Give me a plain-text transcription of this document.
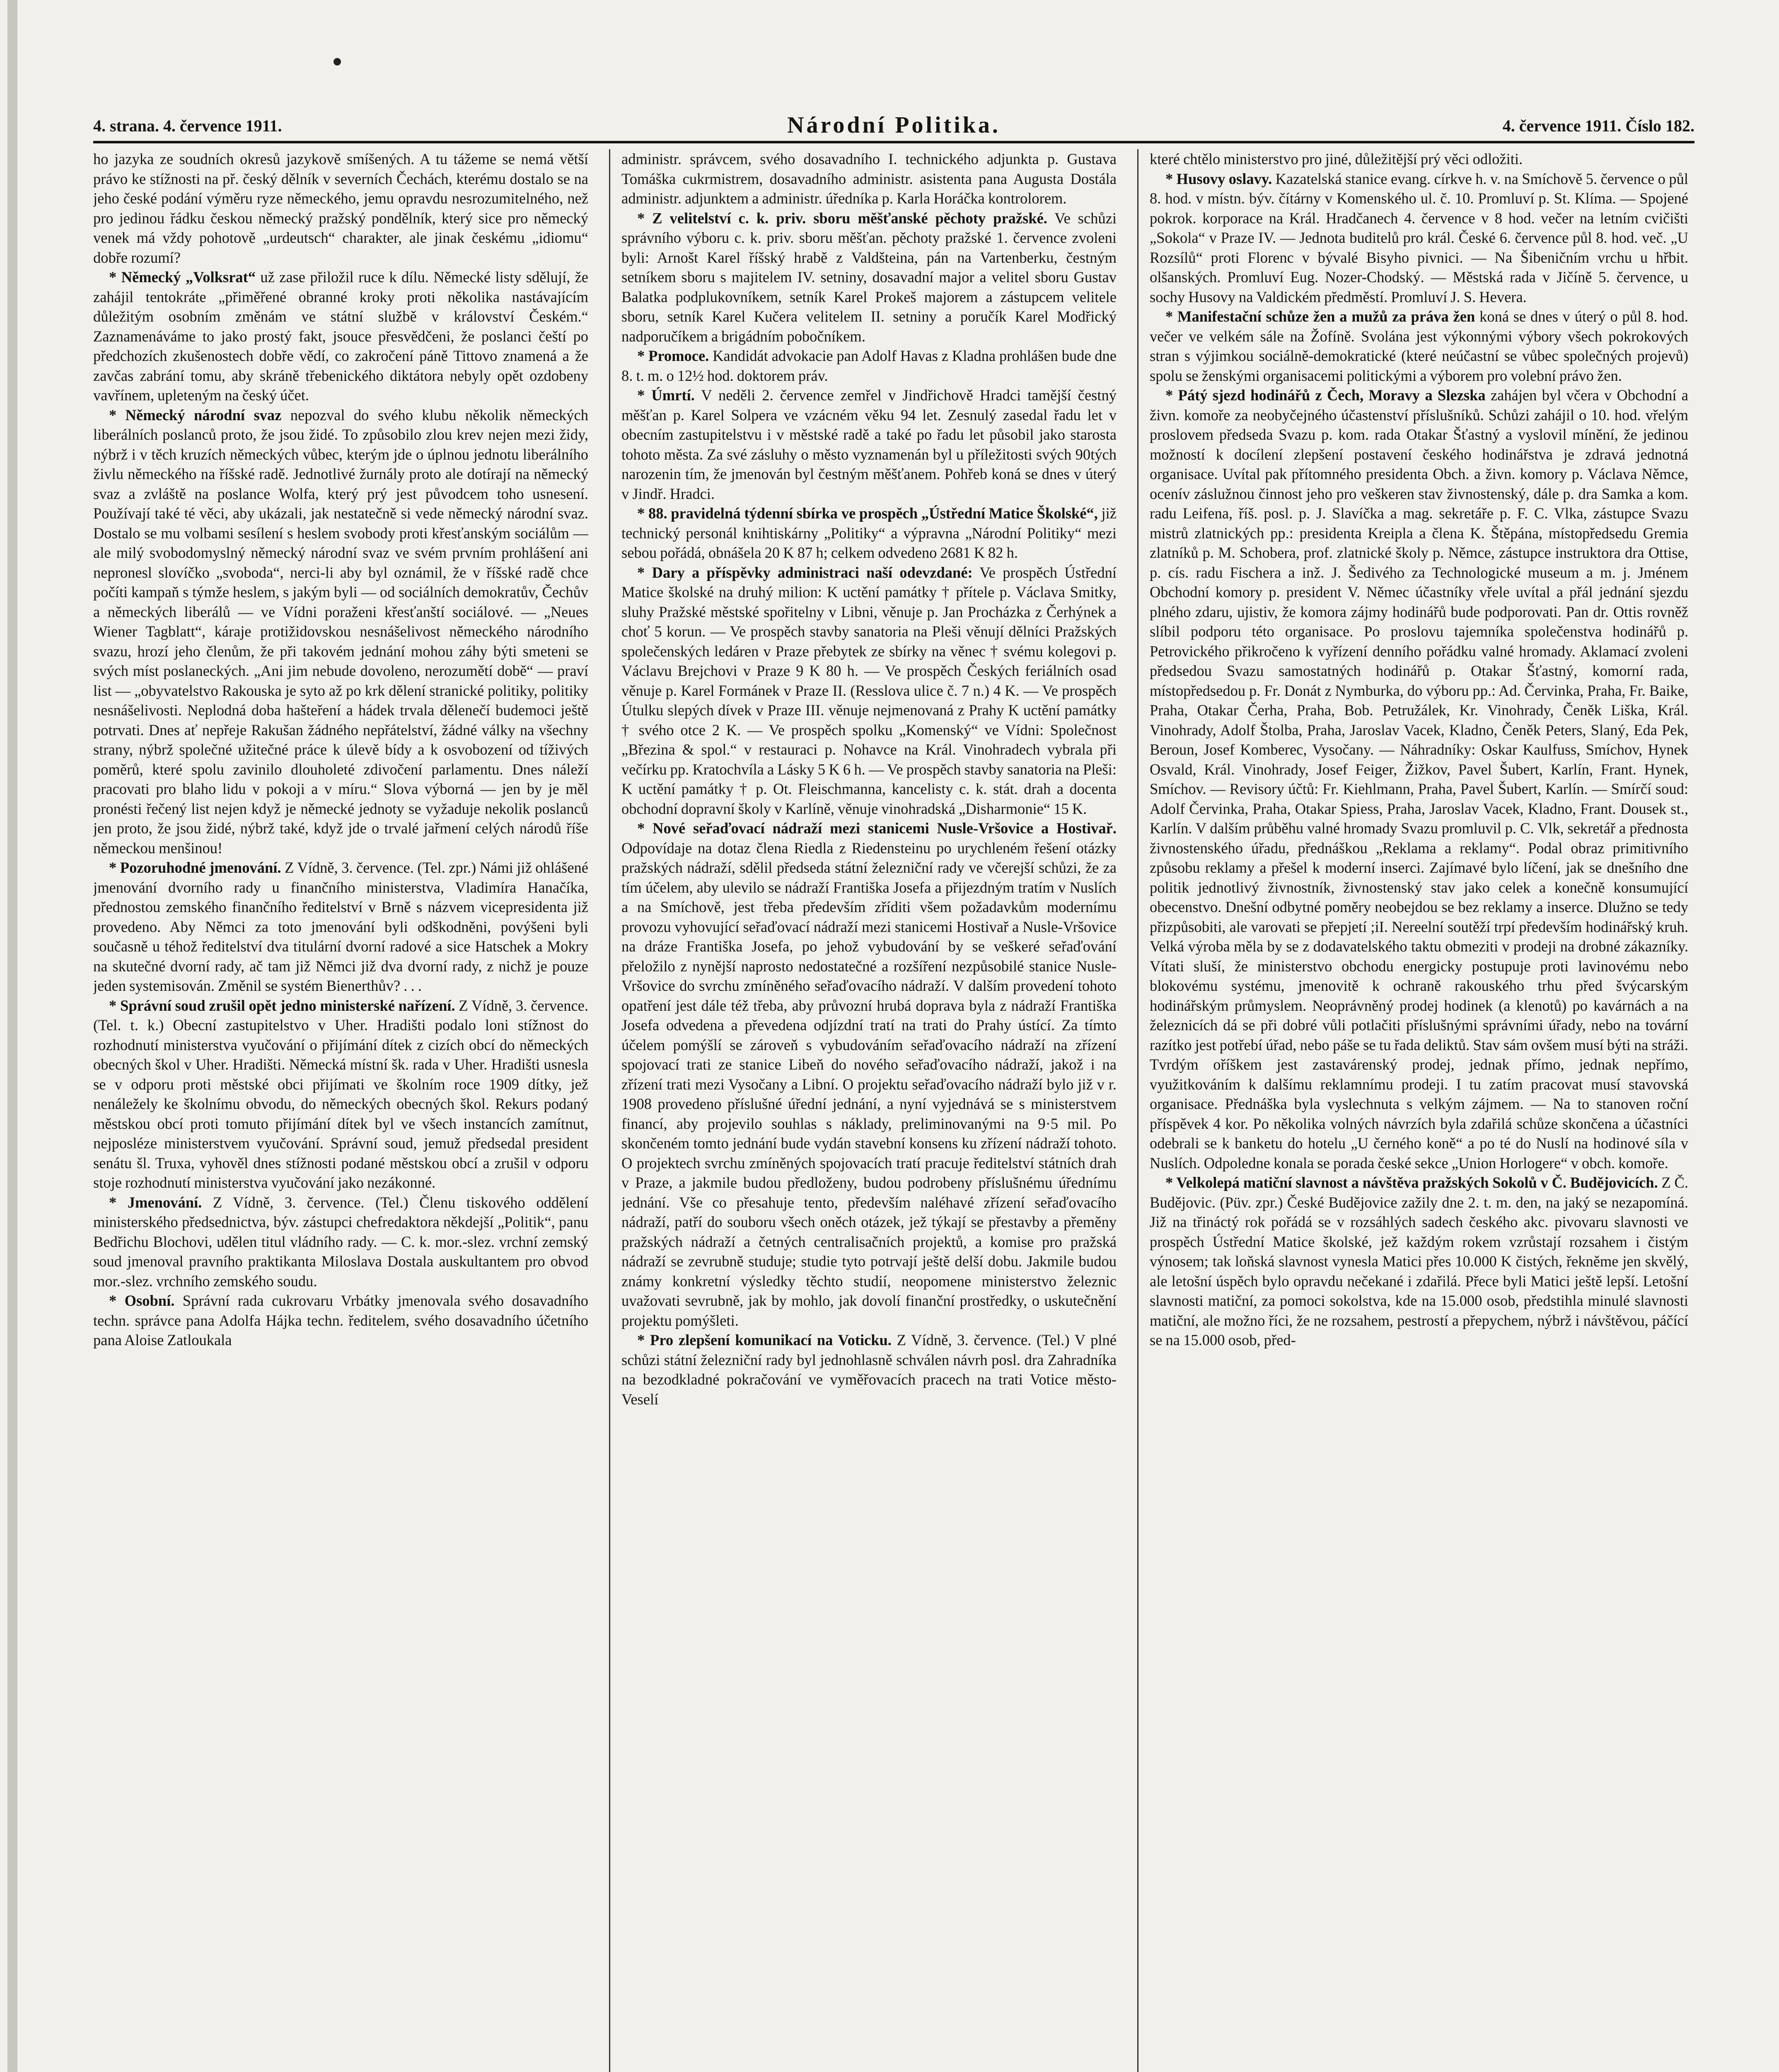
4. strana. 4. července 1911.	Národní Politika.	4. července 1911. Číslo 182.

ho jazyka ze soudních okresů jazykově smíšených. A tu tážeme se nemá větší právo ke stížnosti na př. český dělník v severních Čechách, kterému dostalo se na jeho české podání výměru ryze německého, jemu opravdu nesrozumitelného, než pro jedinou řádku českou německý pražský pondělník, který sice pro německý venek má vždy pohotově „urdeutsch“ charakter, ale jinak českému „idiomu“ dobře rozumí?

* Německý „Volksrat“ už zase přiložil ruce k dílu. Německé listy sdělují, že zahájil tentokráte „přiměřené obranné kroky proti několika nastávajícím důležitým osobním změnám ve státní službě v království Českém.“ Zaznamenáváme to jako prostý fakt, jsouce přesvědčeni, že poslanci čeští po předchozích zkušenostech dobře vědí, co zakročení páně Tittovo znamená a že zavčas zabrání tomu, aby skráně třebenického diktátora nebyly opět ozdobeny vavřínem, upleteným na český účet.

* Německý národní svaz nepozval do svého klubu několik německých liberálních poslanců proto, že jsou židé. To způsobilo zlou krev nejen mezi židy, nýbrž i v těch kruzích německých vůbec, kterým jde o úplnou jednotu liberálního živlu německého na říšské radě. Jednotlivé žurnály proto ale dotírají na německý svaz a zvláště na poslance Wolfa, který prý jest původcem toho usnesení. Používají také té věci, aby ukázali, jak nestatečně si vede německý národní svaz. Dostalo se mu volbami sesílení s heslem svobody proti křesťanským sociálům — ale milý svobodomyslný německý národní svaz ve svém prvním prohlášení ani nepronesl slovíčko „svoboda“, nerci-li aby byl oznámil, že v říšské radě chce počíti kampaň s týmže heslem, s jakým byli — od sociálních demokratův, Čechův a německých liberálů — ve Vídni poraženi křesťanští sociálové. — „Neues Wiener Tagblatt“, káraje protižidovskou nesnášelivost německého národního svazu, hrozí jeho členům, že při takovém jednání mohou záhy býti smeteni se svých míst poslaneckých. „Ani jim nebude dovoleno, nerozumětí době“ — praví list — „obyvatelstvo Rakouska je syto až po krk dělení stranické politiky, politiky nesnášelivosti. Neplodná doba hašteření a hádek trvala dělenečí budemoci ještě potrvati. Dnes ať nepřeje Rakušan žádného nepřátelství, žádné války na všechny strany, nýbrž společné užitečné práce k úlevě bídy a k osvobození od tíživých poměrů, které spolu zavinilo dlouholeté zdivočení parlamentu. Dnes náleží pracovati pro blaho lidu v pokoji a v míru.“ Slova výborná — jen by je měl pronésti řečený list nejen když je německé jednoty se vyžaduje nekolik poslanců jen proto, že jsou židé, nýbrž také, když jde o trvalé jařmení celých národů říše německou menšinou!

* Pozoruhodné jmenování. Z Vídně, 3. července. (Tel. zpr.) Námi již ohlášené jmenování dvorního rady u finančního ministerstva, Vladimíra Hanačíka, přednostou zemského finančního ředitelství v Brně s názvem vicepresidenta již provedeno. Aby Němci za toto jmenování byli odškodněni, povýšeni byli současně u téhož ředitelství dva titulární dvorní radové a sice Hatschek a Mokry na skutečné dvorní rady, ač tam již Němci již dva dvorní rady, z nichž je pouze jeden systemisován. Změnil se systém Bienerthův? . . .

* Správní soud zrušil opět jedno ministerské nařízení. Z Vídně, 3. července. (Tel. t. k.) Obecní zastupitelstvo v Uher. Hradišti podalo loni stížnost do rozhodnutí ministerstva vyučování o přijímání dítek z cizích obcí do německých obecných škol v Uher. Hradišti. Německá místní šk. rada v Uher. Hradišti usnesla se v odporu proti městské obci přijímati ve školním roce 1909 dítky, jež nenáležely ke školnímu obvodu, do německých obecných škol. Rekurs podaný městskou obcí proti tomuto přijímání dítek byl ve všech instancích zamítnut, nejposléze ministerstvem vyučování. Správní soud, jemuž předsedal president senátu šl. Truxa, vyhověl dnes stížnosti podané městskou obcí a zrušil v odporu stoje rozhodnutí ministerstva vyučování jako nezákonné.

* Jmenování. Z Vídně, 3. července. (Tel.) Členu tiskového oddělení ministerského předsednictva, býv. zástupci chefredaktora někdejší „Politik“, panu Bedřichu Blochovi, udělen titul vládního rady. — C. k. mor.-slez. vrchní zemský soud jmenoval pravního praktikanta Miloslava Dostala auskultantem pro obvod mor.-slez. vrchního zemského soudu.

* Osobní. Správní rada cukrovaru Vrbátky jmenovala svého dosavadního techn. správce pana Adolfa Hájka techn. ředitelem, svého dosavadního účetního pana Aloise Zatloukala

administr. správcem, svého dosavadního I. technického adjunkta p. Gustava Tomáška cukrmistrem, dosavadního administr. asistenta pana Augusta Dostála administr. adjunktem a administr. úředníka p. Karla Horáčka kontrolorem.

* Z velitelství c. k. priv. sboru měšťanské pěchoty pražské. Ve schůzi správního výboru c. k. priv. sboru měšťan. pěchoty pražské 1. července zvoleni byli: Arnošt Karel říšský hrabě z Valdšteina, pán na Vartenberku, čestným setníkem sboru s majitelem IV. setniny, dosavadní major a velitel sboru Gustav Balatka podplukovníkem, setník Karel Prokeš majorem a zástupcem velitele sboru, setník Karel Kučera velitelem II. setniny a poručík Karel Modřický nadporučíkem a brigádním pobočníkem.

* Promoce. Kandidát advokacie pan Adolf Havas z Kladna prohlášen bude dne 8. t. m. o 12½ hod. doktorem práv.

* Úmrtí. V neděli 2. července zemřel v Jindřichově Hradci tamější čestný měšťan p. Karel Solpera ve vzácném věku 94 let. Zesnulý zasedal řadu let v obecním zastupitelstvu i v městské radě a také po řadu let působil jako starosta tohoto města. Za své zásluhy o město vyznamenán byl u příležitosti svých 90tých narozenin tím, že jmenován byl čestným měšťanem. Pohřeb koná se dnes v úterý v Jindř. Hradci.

* 88. pravidelná týdenní sbírka ve prospěch „Ústřední Matice Školské“, již technický personál knihtiskárny „Politiky“ a výpravna „Národní Politiky“ mezi sebou pořádá, obnášela 20 K 87 h; celkem odvedeno 2681 K 82 h.

* Dary a příspěvky administraci naší odevzdané: Ve prospěch Ústřední Matice školské na druhý milion: K uctění památky † přítele p. Václava Smitky, sluhy Pražské městské spořitelny v Libni, věnuje p. Jan Procházka z Čerhýnek a choť 5 korun. — Ve prospěch stavby sanatoria na Pleši věnují dělníci Pražských společenských ledáren v Praze přebytek ze sbírky na věnec † svému kolegovi p. Václavu Brejchovi v Praze 9 K 80 h. — Ve prospěch Českých feriálních osad věnuje p. Karel Formánek v Praze II. (Resslova ulice č. 7 n.) 4 K. — Ve prospěch Útulku slepých dívek v Praze III. věnuje nejmenovaná z Prahy K uctění památky † svého otce 2 K. — Ve prospěch spolku „Komenský“ ve Vídni: Společnost „Březina & spol.“ v restauraci p. Nohavce na Král. Vinohradech vybrala při večírku pp. Kratochvíla a Lásky 5 K 6 h. — Ve prospěch stavby sanatoria na Pleši: K uctění památky † p. Ot. Fleischmanna, kancelisty c. k. stát. drah a docenta obchodní dopravní školy v Karlíně, věnuje vinohradská „Disharmonie“ 15 K.

* Nové seřaďovací nádraží mezi stanicemi Nusle-Vršovice a Hostivař. Odpovídaje na dotaz člena Riedla z Riedensteinu po urychleném řešení otázky pražských nádraží, sdělil předseda státní železniční rady ve včerejší schůzi, že za tím účelem, aby ulevilo se nádraží Františka Josefa a přijezdným tratím v Nuslích a na Smíchově, jest třeba především zříditi všem požadavkům modernímu provozu vyhovující seřaďovací nádraží mezi stanicemi Hostivař a Nusle-Vršovice na dráze Františka Josefa, po jehož vybudování by se veškeré seřaďování přeložilo z nynější naprosto nedostatečné a rozšíření nezpůsobilé stanice Nusle-Vršovice do svrchu zmíněného seřaďovacího nádraží. V dalším provedení tohoto opatření jest dále též třeba, aby průvozní hrubá doprava byla z nádraží Františka Josefa odvedena a převedena odjízdní tratí na trati do Prahy ústící. Za tímto účelem pomýšlí se zároveň s vybudováním seřaďovacího nádraží na zřízení spojovací trati ze stanice Libeň do nového seřaďovacího nádraží, jakož i na zřízení trati mezi Vysočany a Libní. O projektu seřaďovacího nádraží bylo již v r. 1908 provedeno příslušné úřední jednání, a nyní vyjednává se s ministerstvem financí, aby projevilo souhlas s náklady, preliminovanými na 9·5 mil. Po skončeném tomto jednání bude vydán stavební konsens ku zřízení nádraží tohoto. O projektech svrchu zmíněných spojovacích tratí pracuje ředitelství státních drah v Praze, a jakmile budou předloženy, budou podrobeny příslušnému úřednímu jednání. Vše co přesahuje tento, především naléhavé zřízení seřaďovacího nádraží, patří do souboru všech oněch otázek, jež týkají se přestavby a přeměny pražských nádraží a četných centralisačních projektů, a komise pro pražská nádraží se zevrubně studuje; studie tyto potrvají ještě delší dobu. Jakmile budou známy konkretní výsledky těchto studií, neopomene ministerstvo železnic uvažovati sevrubně, jak by mohlo, jak dovolí finanční prostředky, o uskutečnění projektu pomýšleti.

* Pro zlepšení komunikací na Voticku. Z Vídně, 3. července. (Tel.) V plné schůzi státní železniční rady byl jednohlasně schválen návrh posl. dra Zahradníka na bezodkladné pokračování ve vyměřovacích pracech na trati Votice město-Veselí

které chtělo ministerstvo pro jiné, důležitější prý věci odložiti.

* Husovy oslavy. Kazatelská stanice evang. církve h. v. na Smíchově 5. července o půl 8. hod. v místn. býv. čítárny v Komenského ul. č. 10. Promluví p. St. Klíma. — Spojené pokrok. korporace na Král. Hradčanech 4. července v 8 hod. večer na letním cvičišti „Sokola“ v Praze IV. — Jednota buditelů pro král. České 6. července půl 8. hod. več. „U Rozsílů“ proti Florenc v bývalé Bisyho pivnici. — Na Šibeničním vrchu u hřbit. olšanských. Promluví Eug. Nozer-Chodský. — Městská rada v Jičíně 5. července, u sochy Husovy na Valdickém předměstí. Promluví J. S. Hevera.

* Manifestační schůze žen a mužů za práva žen koná se dnes v úterý o půl 8. hod. večer ve velkém sále na Žofíně. Svolána jest výkonnými výbory všech pokrokových stran s výjimkou sociálně-demokratické (které neúčastní se vůbec společných projevů) spolu se ženskými organisacemi politickými a výborem pro volební právo žen.

* Pátý sjezd hodinářů z Čech, Moravy a Slezska zahájen byl včera v Obchodní a živn. komoře za neobyčejného účastenství příslušníků. Schůzi zahájil o 10. hod. vřelým proslovem předseda Svazu p. kom. rada Otakar Šťastný a vyslovil mínění, že jedinou možností k docílení zlepšení postavení českého hodinářstva je zdravá jednotná organisace. Uvítal pak přítomného presidenta Obch. a živn. komory p. Václava Němce, ocenív záslužnou činnost jeho pro veškeren stav živnostenský, dále p. dra Samka a kom. radu Leifena, říš. posl. p. J. Slavíčka a mag. sekretáře p. F. C. Vlka, zástupce Svazu mistrů zlatnických pp.: presidenta Kreipla a člena K. Štěpána, místopředsedu Gremia zlatníků p. M. Schobera, prof. zlatnické školy p. Němce, zástupce instruktora dra Ottise, p. cís. radu Fischera a inž. J. Šedivého za Technologické museum a m. j. Jménem Obchodní komory p. president V. Němec účastníky vřele uvítal a přál jednání sjezdu plného zdaru, ujistiv, že komora zájmy hodinářů bude podporovati. Pan dr. Ottis rovněž slíbil podporu této organisace. Po proslovu tajemníka společenstva hodinářů p. Petrovického přikročeno k vyřízení denního pořádku valné hromady. Aklamací zvoleni předsedou Svazu samostatných hodinářů p. Otakar Šťastný, komorní rada, místopředsedou p. Fr. Donát z Nymburka, do výboru pp.: Ad. Červinka, Praha, Fr. Baike, Praha, Otakar Čerha, Praha, Bob. Petružálek, Kr. Vinohrady, Čeněk Liška, Král. Vinohrady, Adolf Štolba, Praha, Jaroslav Vacek, Kladno, Čeněk Peters, Slaný, Eda Pek, Beroun, Josef Komberec, Vysočany. — Náhradníky: Oskar Kaulfuss, Smíchov, Hynek Osvald, Král. Vinohrady, Josef Feiger, Žižkov, Pavel Šubert, Karlín, Frant. Hynek, Smíchov. — Revisory účtů: Fr. Kiehlmann, Praha, Pavel Šubert, Karlín. — Smírčí soud: Adolf Červinka, Praha, Otakar Spiess, Praha, Jaroslav Vacek, Kladno, Frant. Dousek st., Karlín. V dalším průběhu valné hromady Svazu promluvil p. C. Vlk, sekretář a přednosta živnostenského úřadu, přednáškou „Reklama a reklamy“. Podal obraz primitivního způsobu reklamy a přešel k moderní inserci. Zajímavé bylo líčení, jak se dnešního dne politik jednotlivý živnostník, živnostenský stav jako celek a konečně konsumující obecenstvo. Dnešní odbytné poměry neobejdou se bez reklamy a inserce. Dlužno se tedy přizpůsobiti, ale varovati se přepjetí ;iI. Nereelní soutěží trpí především hodinářský kruh. Velká výroba měla by se z dodavatelského taktu obmeziti v prodeji na drobné zákazníky. Vítati sluší, že ministerstvo obchodu energicky postupuje proti lavinovému nebo blokovému systému, jmenovitě k ochraně rakouského trhu před švýcarským hodinářským průmyslem. Neoprávněný prodej hodinek (a klenotů) po kavárnách a na železnicích dá se při dobré vůli potlačiti příslušnými správními úřady, nebo na tovární razítko jest potřebí úřad, nebo páše se tu řada deliktů. Stav sám ovšem musí býti na stráži. Tvrdým oříškem jest zastavárenský prodej, jednak přímo, jednak nepřímo, využitkováním k dalšímu reklamnímu prodeji. I tu zatím pracovat musí stavovská organisace. Přednáška byla vyslechnuta s velkým zájmem. — Na to stanoven roční příspěvek 4 kor. Po několika volných návrzích byla zdařilá schůze skončena a účastníci odebrali se k banketu do hotelu „U černého koně“ a po té do Nuslí na hodinové síla v Nuslích. Odpoledne konala se porada české sekce „Union Horlogere“ v obch. komoře.

* Velkolepá matiční slavnost a návštěva pražských Sokolů v Č. Budějovicích. Z Č. Budějovic. (Püv. zpr.) České Budějovice zažily dne 2. t. m. den, na jaký se nezapomíná. Již na třináctý rok pořádá se v rozsáhlých sadech českého akc. pivovaru slavnosti ve prospěch Ústřední Matice školské, jež každým rokem vzrůstají rozsahem i čistým výnosem; tak loňská slavnost vynesla Matici přes 10.000 K čistých, řekněme jen skvělý, ale letošní úspěch bylo opravdu nečekané i zdařilá. Přece byli Matici ještě lepší. Letošní slavnosti matiční, za pomoci sokolstva, kde na 15.000 osob, předstihla minulé slavnosti matiční, ale možno říci, že ne rozsahem, pestrostí a přepychem, nýbrž i návštěvou, páčící se na 15.000 osob, před-
